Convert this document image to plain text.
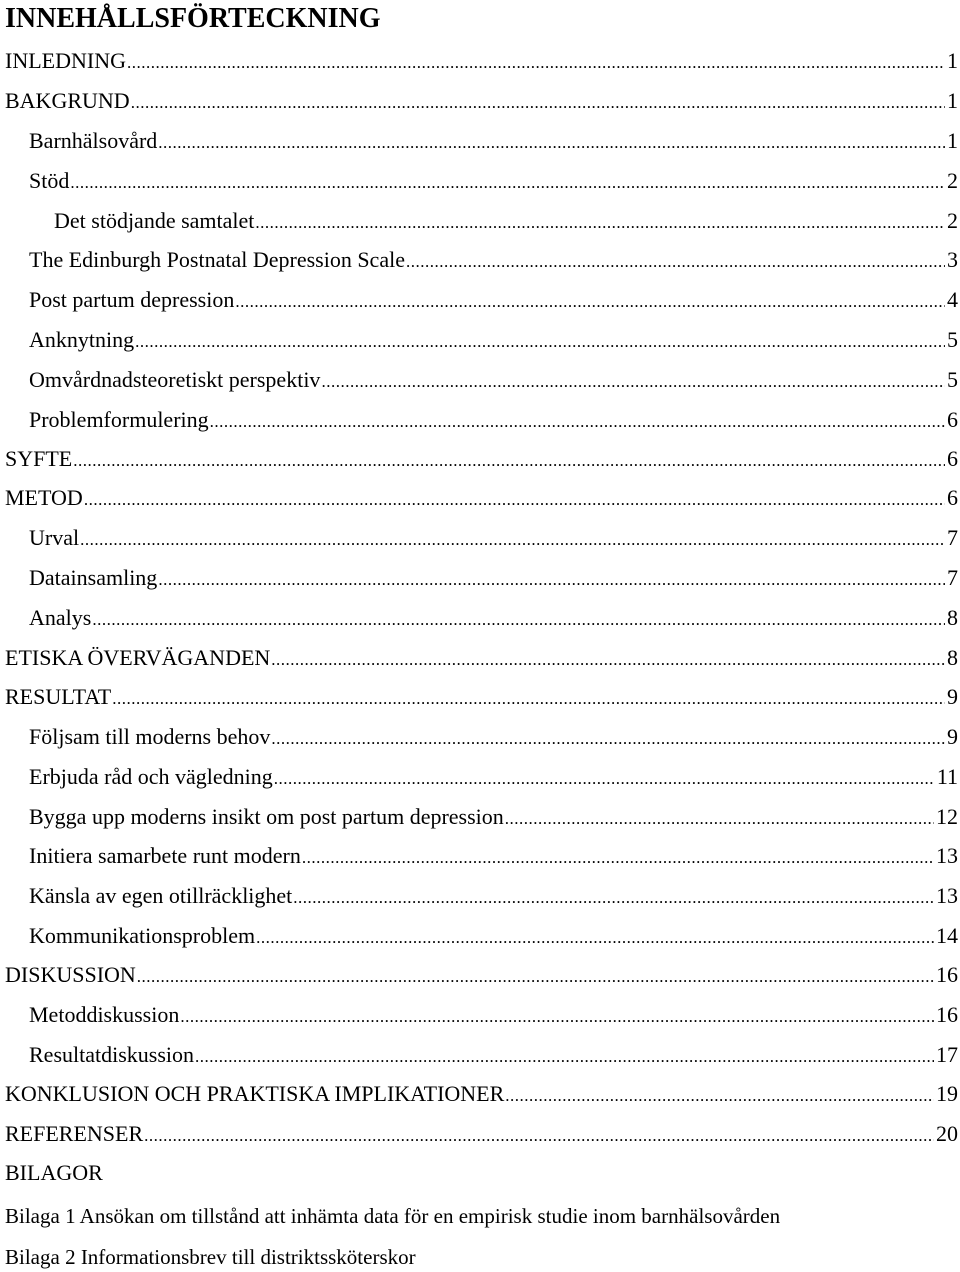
INNEHÅLLSFÖRTECKNING
INLEDNING .....	1
BAKGRUND .....	1
Barnhälsovård .....	1
Stöd .....	2
Det stödjande samtalet .....	2
The Edinburgh Postnatal Depression Scale .....	3
Post partum depression .....	4
Anknytning .....	5
Omvårdnadsteoretiskt perspektiv .....	5
Problemformulering .....	6
SYFTE .....	6
METOD .....	6
Urval .....	7
Datainsamling .....	7
Analys .....	8
ETISKA ÖVERVÄGANDEN .....	8
RESULTAT .....	9
Följsam till moderns behov .....	9
Erbjuda råd och vägledning .....	11
Bygga upp moderns insikt om post partum depression .....	12
Initiera samarbete runt modern .....	13
Känsla av egen otillräcklighet .....	13
Kommunikationsproblem .....	14
DISKUSSION .....	16
Metoddiskussion .....	16
Resultatdiskussion .....	17
KONKLUSION OCH PRAKTISKA IMPLIKATIONER .....	19
REFERENSER .....	20

BILAGOR

Bilaga 1 Ansökan om tillstånd att inhämta data för en empirisk studie inom barnhälsovården

Bilaga 2 Informationsbrev till distriktssköterskor
